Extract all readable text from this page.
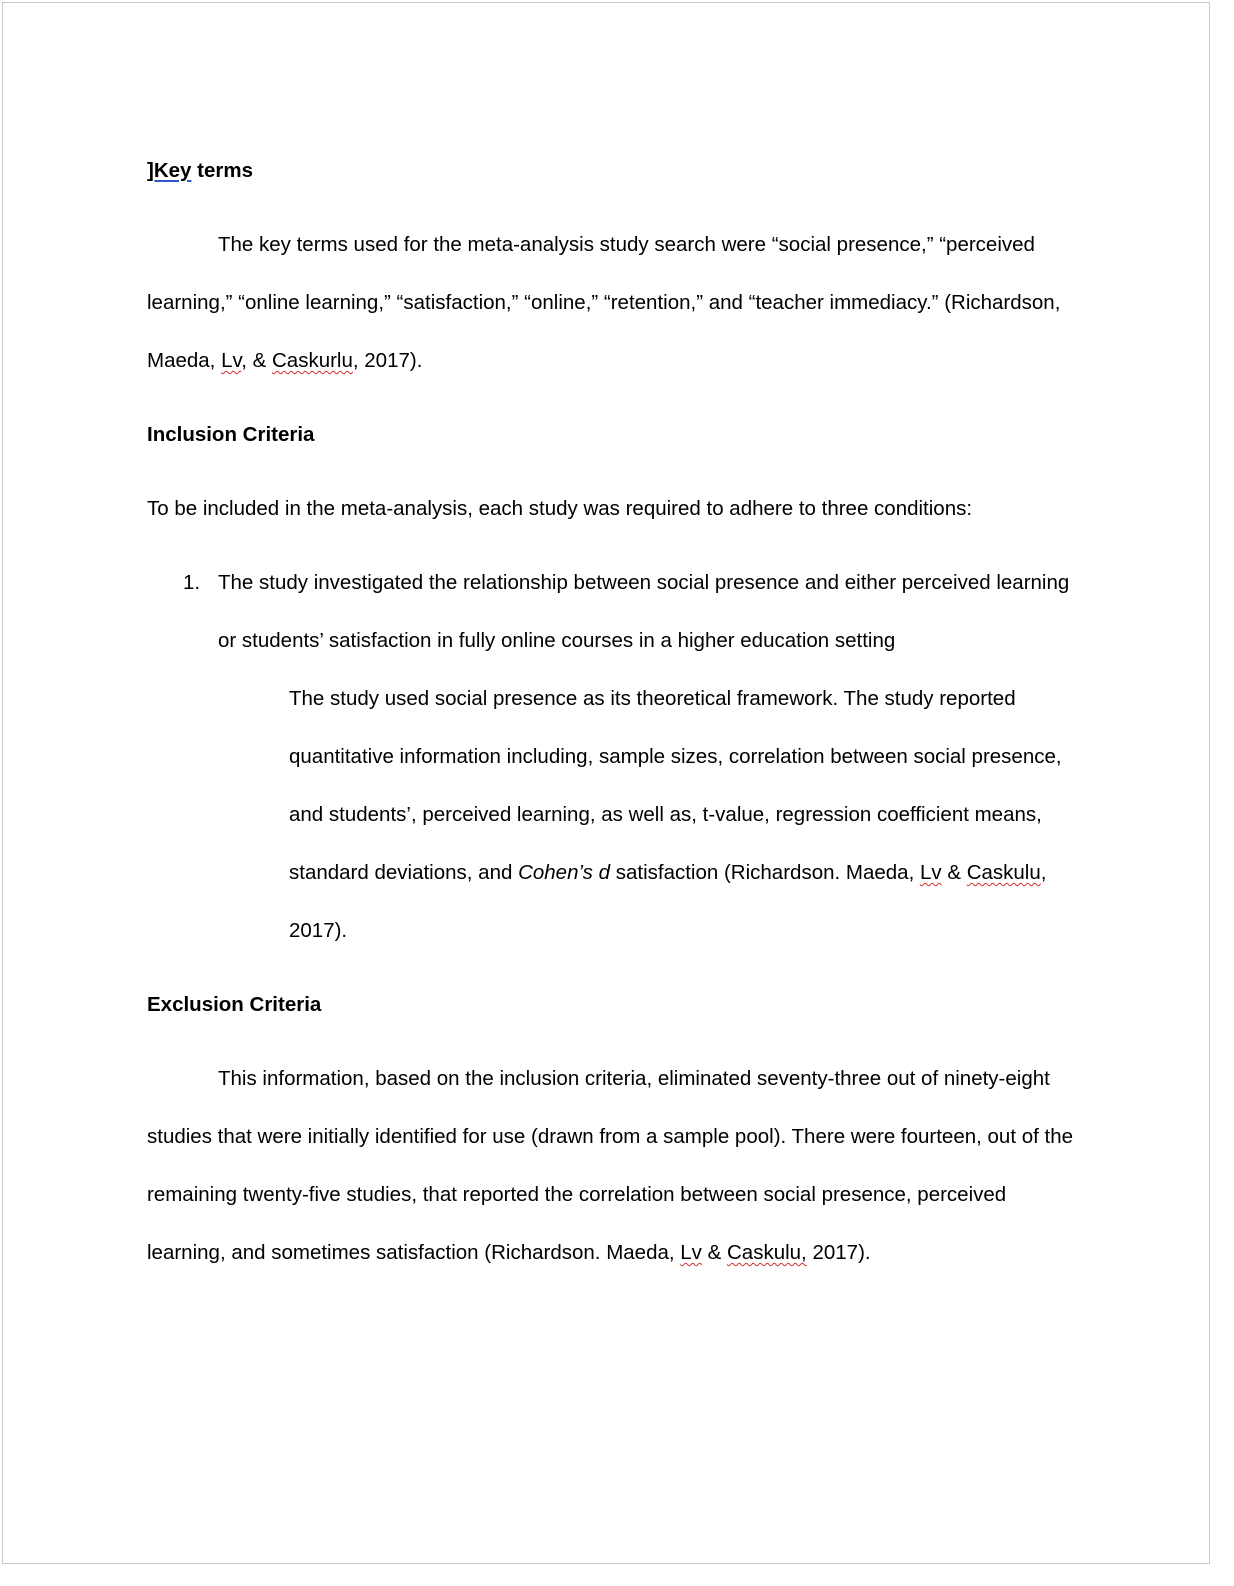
]Key terms

The key terms used for the meta-analysis study search were “social presence,” “perceived learning,” “online learning,” “satisfaction,” “online,” “retention,” and “teacher immediacy.” (Richardson, Maeda, Lv, & Caskurlu, 2017).

Inclusion Criteria

To be included in the meta-analysis, each study was required to adhere to three conditions:

1. The study investigated the relationship between social presence and either perceived learning or students’ satisfaction in fully online courses in a higher education setting

The study used social presence as its theoretical framework. The study reported quantitative information including, sample sizes, correlation between social presence, and students’, perceived learning, as well as, t-value, regression coefficient means, standard deviations, and Cohen’s d satisfaction (Richardson. Maeda, Lv & Caskulu, 2017).

Exclusion Criteria

This information, based on the inclusion criteria, eliminated seventy-three out of ninety-eight studies that were initially identified for use (drawn from a sample pool). There were fourteen, out of the remaining twenty-five studies, that reported the correlation between social presence, perceived learning, and sometimes satisfaction (Richardson. Maeda, Lv & Caskulu, 2017).
